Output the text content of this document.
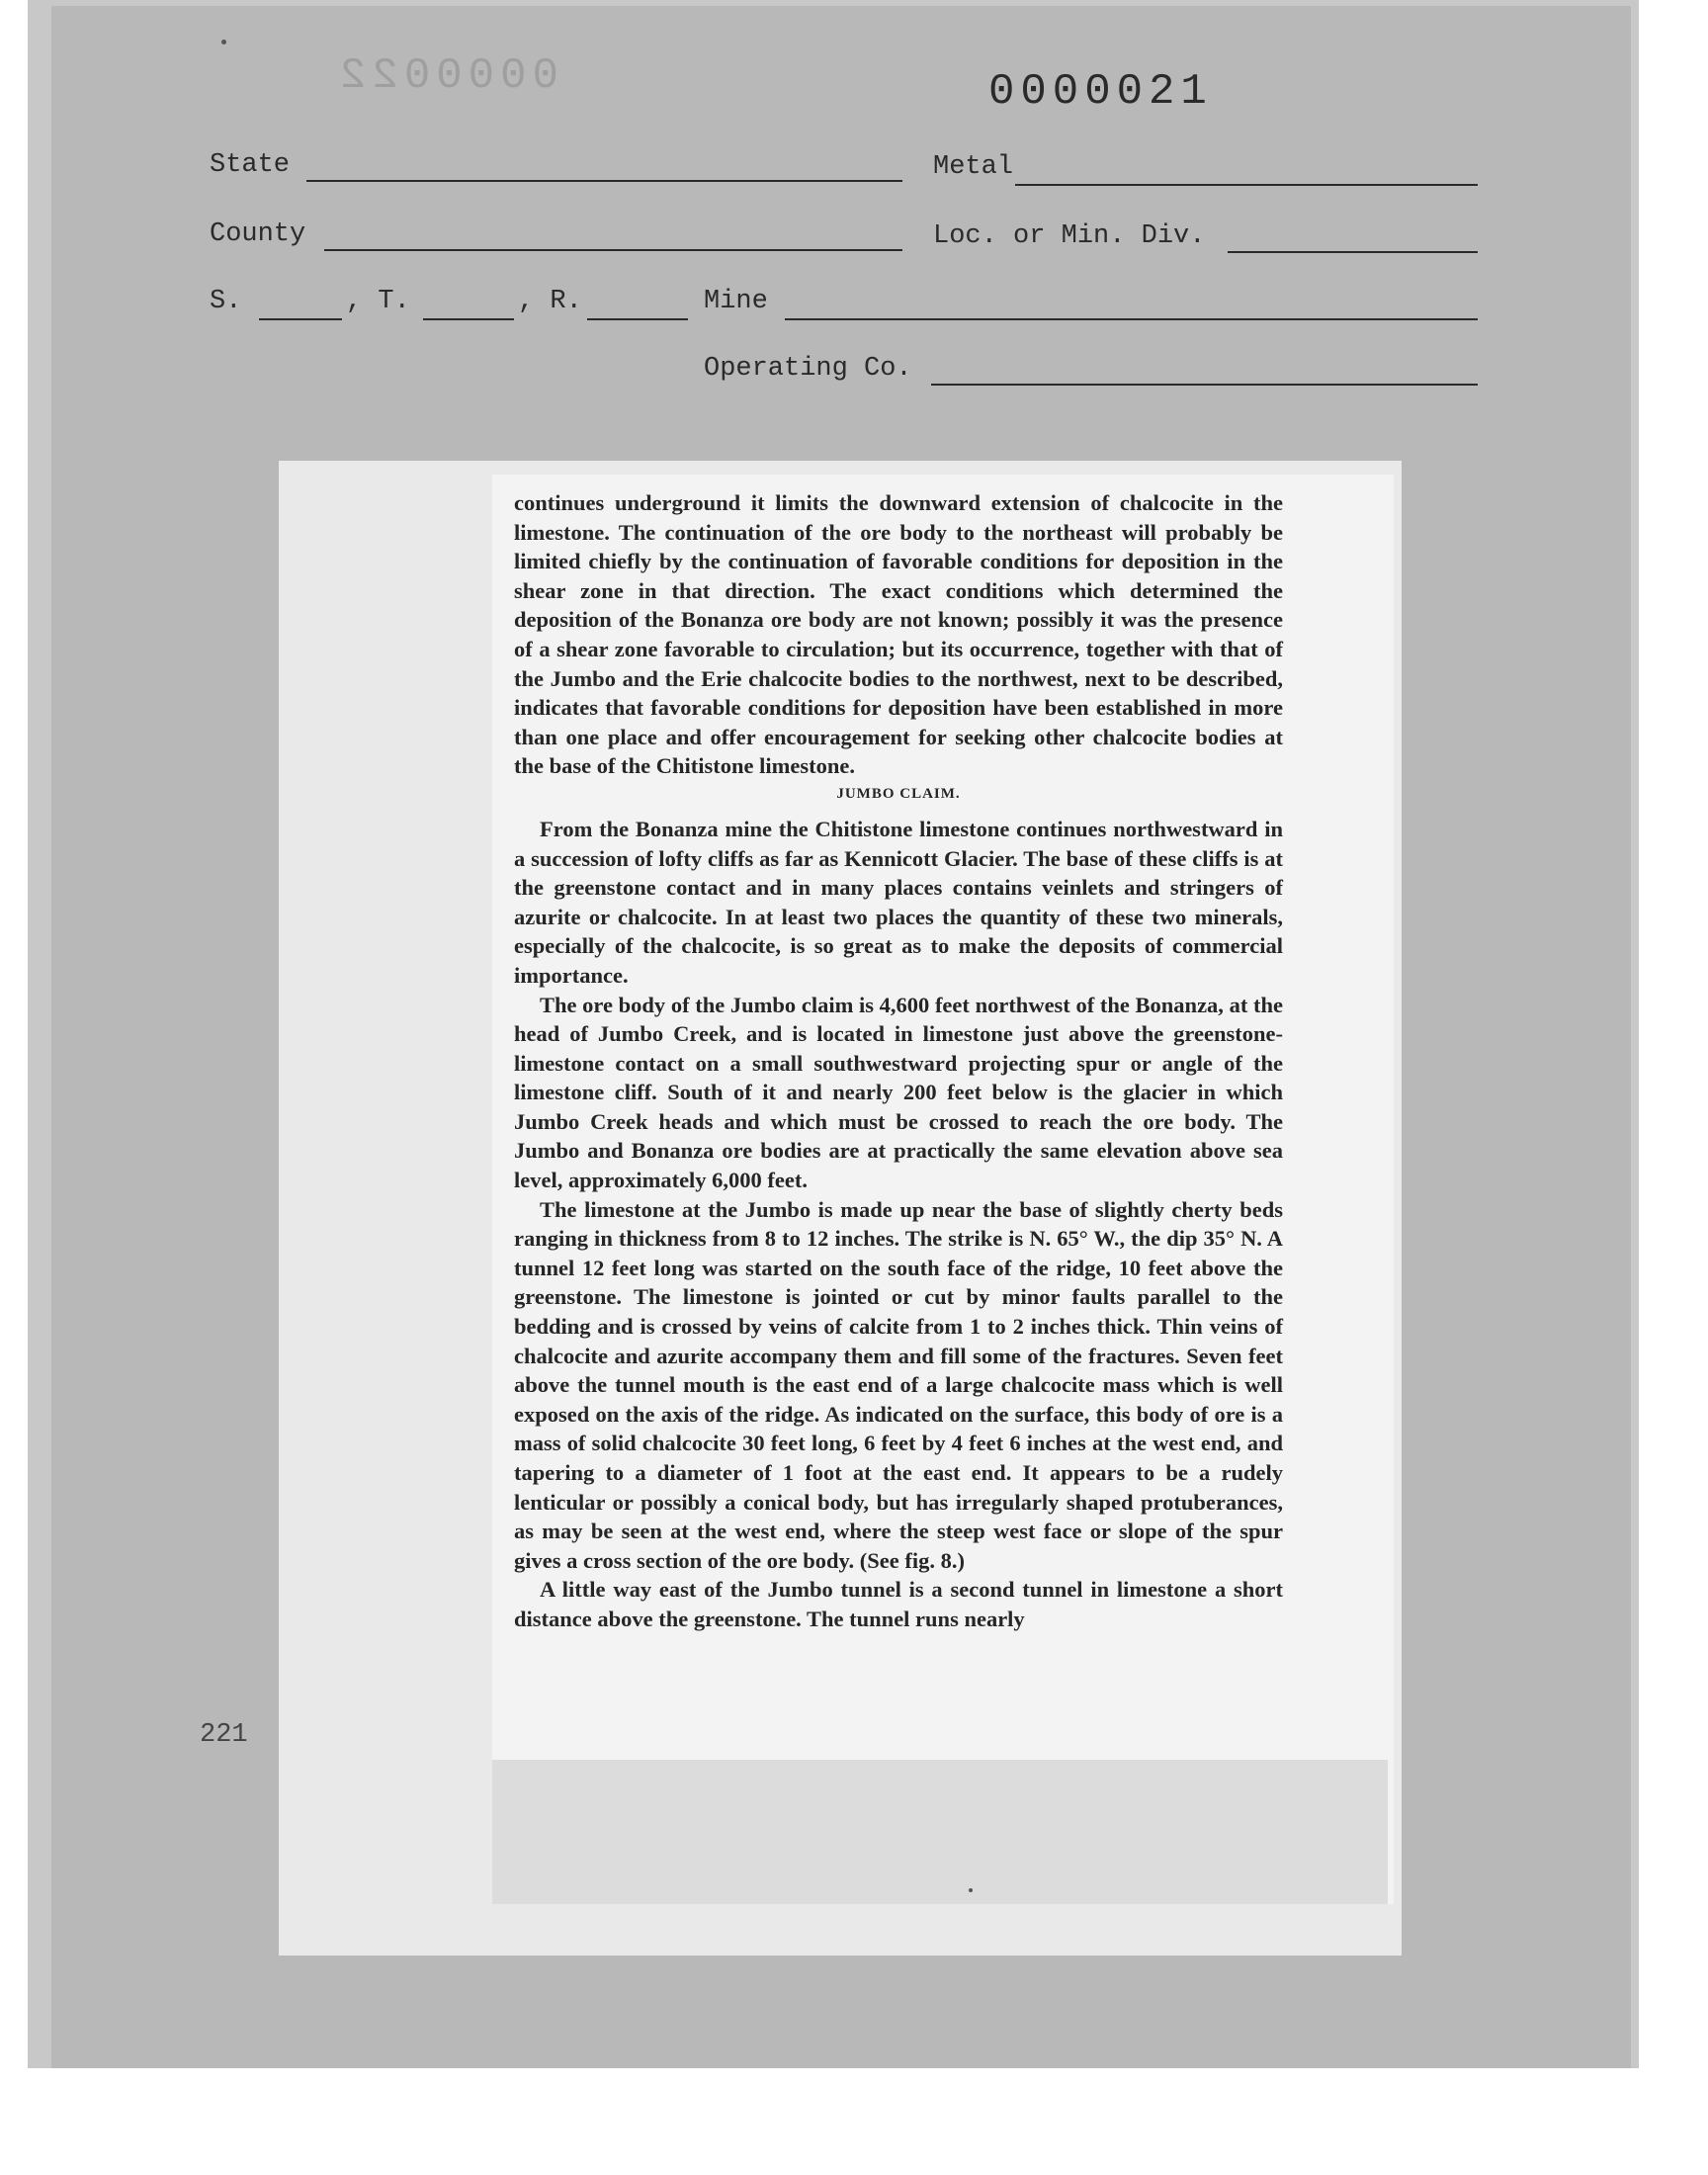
0000022	0000021
State	Metal
County	Loc. or Min. Div.
S.	, T.	, R.	Mine
Operating Co.
221

continues underground it limits the downward extension of chalcocite in the limestone. The continuation of the ore body to the northeast will probably be limited chiefly by the continuation of favorable conditions for deposition in the shear zone in that direction. The exact conditions which determined the deposition of the Bonanza ore body are not known; possibly it was the presence of a shear zone favorable to circulation; but its occurrence, together with that of the Jumbo and the Erie chalcocite bodies to the northwest, next to be described, indicates that favorable conditions for deposition have been established in more than one place and offer encouragement for seeking other chalcocite bodies at the base of the Chitistone limestone.

JUMBO CLAIM.

From the Bonanza mine the Chitistone limestone continues northwestward in a succession of lofty cliffs as far as Kennicott Glacier. The base of these cliffs is at the greenstone contact and in many places contains veinlets and stringers of azurite or chalcocite. In at least two places the quantity of these two minerals, especially of the chalcocite, is so great as to make the deposits of commercial importance.

The ore body of the Jumbo claim is 4,600 feet northwest of the Bonanza, at the head of Jumbo Creek, and is located in limestone just above the greenstone-limestone contact on a small southwestward projecting spur or angle of the limestone cliff. South of it and nearly 200 feet below is the glacier in which Jumbo Creek heads and which must be crossed to reach the ore body. The Jumbo and Bonanza ore bodies are at practically the same elevation above sea level, approximately 6,000 feet.

The limestone at the Jumbo is made up near the base of slightly cherty beds ranging in thickness from 8 to 12 inches. The strike is N. 65° W., the dip 35° N. A tunnel 12 feet long was started on the south face of the ridge, 10 feet above the greenstone. The limestone is jointed or cut by minor faults parallel to the bedding and is crossed by veins of calcite from 1 to 2 inches thick. Thin veins of chalcocite and azurite accompany them and fill some of the fractures. Seven feet above the tunnel mouth is the east end of a large chalcocite mass which is well exposed on the axis of the ridge. As indicated on the surface, this body of ore is a mass of solid chalcocite 30 feet long, 6 feet by 4 feet 6 inches at the west end, and tapering to a diameter of 1 foot at the east end. It appears to be a rudely lenticular or possibly a conical body, but has irregularly shaped protuberances, as may be seen at the west end, where the steep west face or slope of the spur gives a cross section of the ore body. (See fig. 8.)

A little way east of the Jumbo tunnel is a second tunnel in limestone a short distance above the greenstone. The tunnel runs nearly
